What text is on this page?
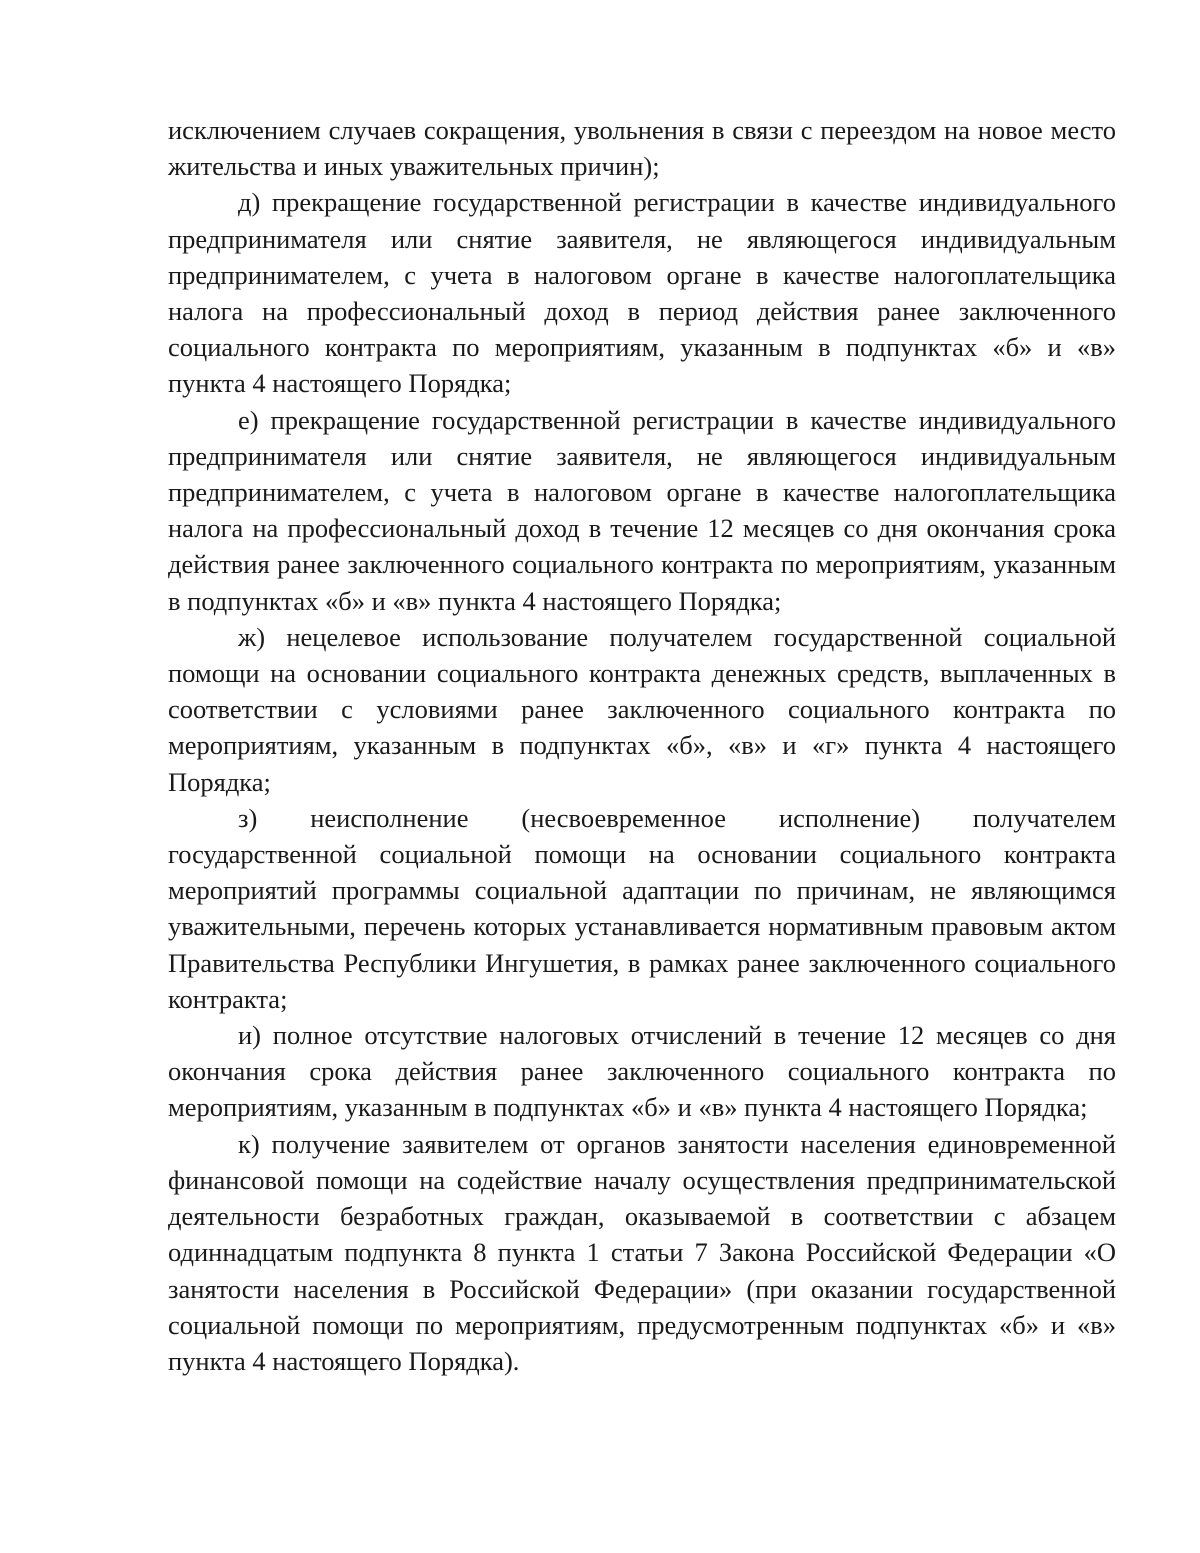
исключением случаев сокращения, увольнения в связи с переездом на новое место жительства и иных уважительных причин);

д) прекращение государственной регистрации в качестве индивидуального предпринимателя или снятие заявителя, не являющегося индивидуальным предпринимателем, с учета в налоговом органе в качестве налогоплательщика налога на профессиональный доход в период действия ранее заключенного социального контракта по мероприятиям, указанным в подпунктах «б» и «в» пункта 4 настоящего Порядка;

е) прекращение государственной регистрации в качестве индивидуального предпринимателя или снятие заявителя, не являющегося индивидуальным предпринимателем, с учета в налоговом органе в качестве налогоплательщика налога на профессиональный доход в течение 12 месяцев со дня окончания срока действия ранее заключенного социального контракта по мероприятиям, указанным в подпунктах «б» и «в» пункта 4 настоящего Порядка;

ж) нецелевое использование получателем государственной социальной помощи на основании социального контракта денежных средств, выплаченных в соответствии с условиями ранее заключенного социального контракта по мероприятиям, указанным в подпунктах «б», «в» и «г» пункта 4 настоящего Порядка;

з) неисполнение (несвоевременное исполнение) получателем государственной социальной помощи на основании социального контракта мероприятий программы социальной адаптации по причинам, не являющимся уважительными, перечень которых устанавливается нормативным правовым актом Правительства Республики Ингушетия, в рамках ранее заключенного социального контракта;

и) полное отсутствие налоговых отчислений в течение 12 месяцев со дня окончания срока действия ранее заключенного социального контракта по мероприятиям, указанным в подпунктах «б» и «в» пункта 4 настоящего Порядка;

к) получение заявителем от органов занятости населения единовременной финансовой помощи на содействие началу осуществления предпринимательской деятельности безработных граждан, оказываемой в соответствии с абзацем одиннадцатым подпункта 8 пункта 1 статьи 7 Закона Российской Федерации «О занятости населения в Российской Федерации» (при оказании государственной социальной помощи по мероприятиям, предусмотренным подпунктах «б» и «в» пункта 4 настоящего Порядка).
